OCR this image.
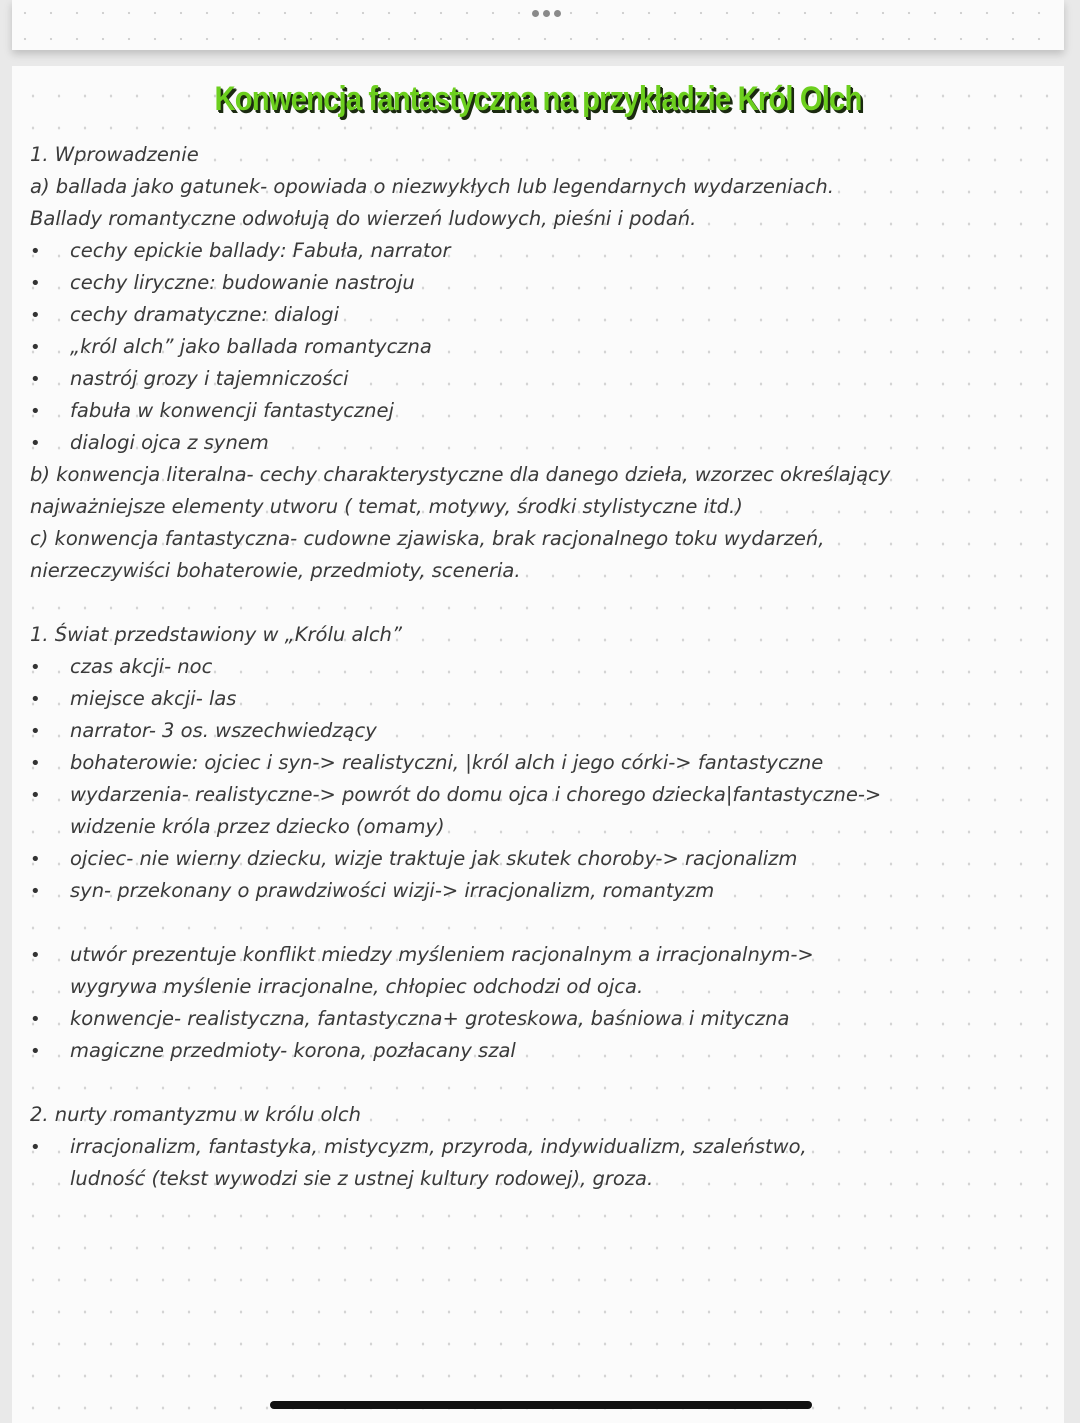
Konwencja fantastyczna na przykładzie Król Olch
1. Wprowadzenie
a) ballada jako gatunek- opowiada o niezwykłych lub legendarnych wydarzeniach.
Ballady romantyczne odwołują do wierzeń ludowych, pieśni i podań.
• cechy epickie ballady: Fabuła, narrator
• cechy liryczne: budowanie nastroju
• cechy dramatyczne: dialogi
• „król alch” jako ballada romantyczna
• nastrój grozy i tajemniczości
• fabuła w konwencji fantastycznej
• dialogi ojca z synem
b) konwencja literalna- cechy charakterystyczne dla danego dzieła, wzorzec określający
najważniejsze elementy utworu ( temat, motywy, środki stylistyczne itd.)
c) konwencja fantastyczna- cudowne zjawiska, brak racjonalnego toku wydarzeń,
nierzeczywiści bohaterowie, przedmioty, sceneria.
1. Świat przedstawiony w „Królu alch”
• czas akcji- noc
• miejsce akcji- las
• narrator- 3 os. wszechwiedzący
• bohaterowie: ojciec i syn-> realistyczni, |król alch i jego córki-> fantastyczne
• wydarzenia- realistyczne-> powrót do domu ojca i chorego dziecka|fantastyczne->
widzenie króla przez dziecko (omamy)
• ojciec- nie wierny dziecku, wizje traktuje jak skutek choroby-> racjonalizm
• syn- przekonany o prawdziwości wizji-> irracjonalizm, romantyzm
• utwór prezentuje konflikt miedzy myśleniem racjonalnym a irracjonalnym->
wygrywa myślenie irracjonalne, chłopiec odchodzi od ojca.
• konwencje- realistyczna, fantastyczna+ groteskowa, baśniowa i mityczna
• magiczne przedmioty- korona, pozłacany szal
2. nurty romantyzmu w królu olch
• irracjonalizm, fantastyka, mistycyzm, przyroda, indywidualizm, szaleństwo,
ludność (tekst wywodzi sie z ustnej kultury rodowej), groza.
